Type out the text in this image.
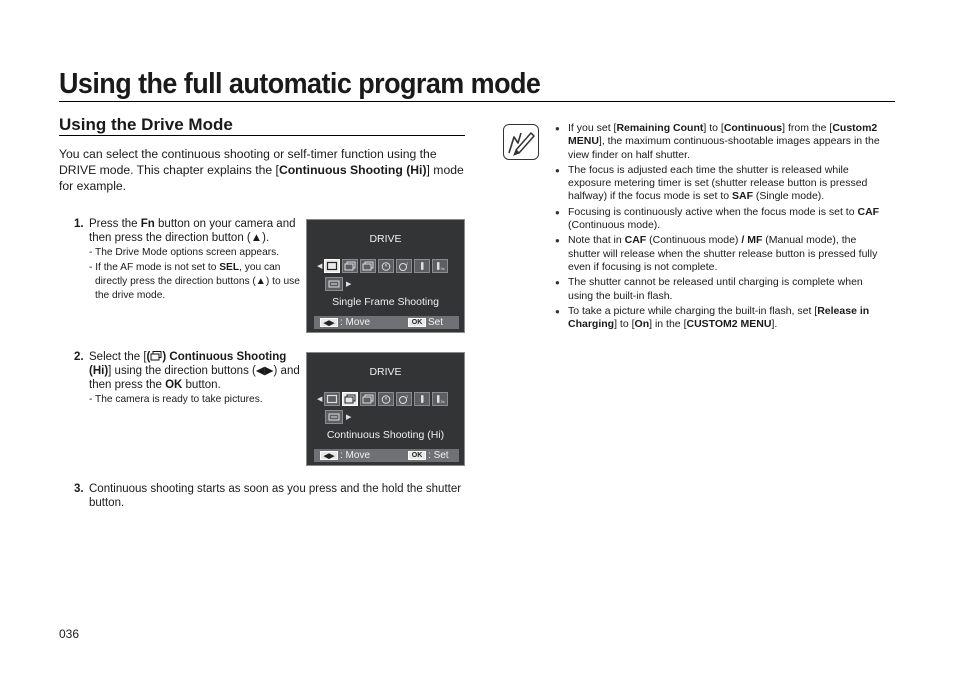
Using the full automatic program mode
Using the Drive Mode

You can select the continuous shooting or self-timer function using the DRIVE mode. This chapter explains the [Continuous Shooting (Hi)] mode for example.

1. Press the Fn button on your camera and then press the direction button (▲).
- The Drive Mode options screen appears.
- If the AF mode is not set to SEL, you can directly press the direction buttons (▲) to use the drive mode.
DRIVE
◀	2
3s
▶
Single Frame Shooting
◀▶ : Move	OK Set
2. Select the [( ) Continuous Shooting (Hi)] using the direction buttons (◀▶) and then press the OK button.
- The camera is ready to take pictures.
DRIVE
◀	2
3s
▶
Continuous Shooting (Hi)
◀▶ : Move	OK : Set
3. Continuous shooting starts as soon as you press and the hold the shutter button.
● If you set [Remaining Count] to [Continuous] from the [Custom2 MENU], the maximum continuous-shootable images appears in the view finder on half shutter.
● The focus is adjusted each time the shutter is released while exposure metering timer is set (shutter release button is pressed halfway) if the focus mode is set to SAF (Single mode).
● Focusing is continuously active when the focus mode is set to CAF (Continuous mode).
● Note that in CAF (Continuous mode) / MF (Manual mode), the shutter will release when the shutter release button is pressed fully even if focusing is not complete.
● The shutter cannot be released until charging is complete when using the built-in flash.
● To take a picture while charging the built-in flash, set [Release in Charging] to [On] in the [CUSTOM2 MENU].
036
